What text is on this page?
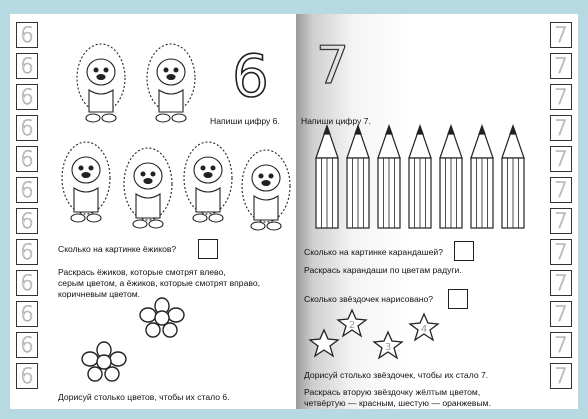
6
6
6
6
6
6
6
6
6
6
6
6
6
Напиши цифру 6.
Сколько на картинке ёжиков?
Раскрась ёжиков, которые смотрят влево,
серым цветом, а ёжиков, которые смотрят вправо,
коричневым цветом.
Дорисуй столько цветов, чтобы их стало 6.
7
7
7
7
7
7
7
7
7
7
7
7
7
Напиши цифру 7.
Сколько на картинке карандашей?
Раскрась карандаши по цветам радуги.
Сколько звёздочек нарисовано?
2
3
4
Дорисуй столько звёздочек, чтобы их стало 7.
Раскрась вторую звёздочку жёлтым цветом,
четвёртую — красным, шестую — оранжевым.
